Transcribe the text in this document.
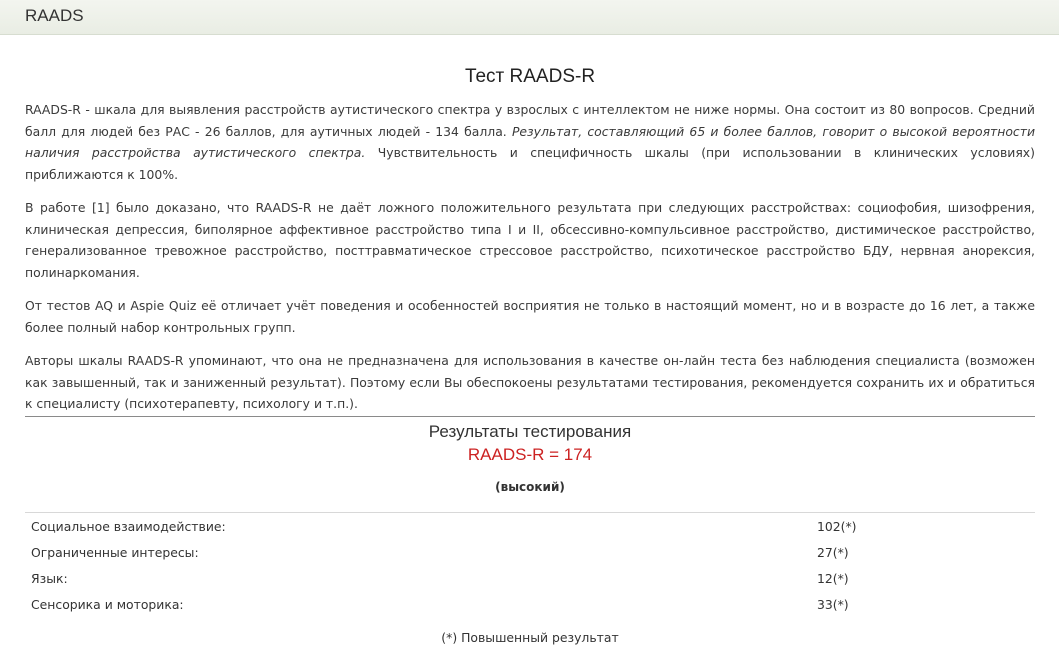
RAADS
Тест RAADS-R

RAADS-R - шкала для выявления расстройств аутистического спектра у взрослых с интеллектом не ниже нормы. Она состоит из 80 вопросов. Средний балл для людей без РАС - 26 баллов, для аутичных людей - 134 балла. Результат, составляющий 65 и более баллов, говорит о высокой вероятности наличия расстройства аутистического спектра. Чувствительность и специфичность шкалы (при использовании в клинических условиях) приближаются к 100%.

В работе [1] было доказано, что RAADS-R не даёт ложного положительного результата при следующих расстройствах: социофобия, шизофрения, клиническая депрессия, биполярное аффективное расстройство типа I и II, обсессивно-компульсивное расстройство, дистимическое расстройство, генерализованное тревожное расстройство, посттравматическое стрессовое расстройство, психотическое расстройство БДУ, нервная анорексия, полинаркомания.

От тестов AQ и Aspie Quiz её отличает учёт поведения и особенностей восприятия не только в настоящий момент, но и в возрасте до 16 лет, а также более полный набор контрольных групп.

Авторы шкалы RAADS-R упоминают, что она не предназначена для использования в качестве он-лайн теста без наблюдения специалиста (возможен как завышенный, так и заниженный результат). Поэтому если Вы обеспокоены результатами тестирования, рекомендуется сохранить их и обратиться к специалисту (психотерапевту, психологу и т.п.).

Результаты тестирования
RAADS-R = 174
(высокий)
Социальное взаимодействие:	102(*)
Ограниченные интересы:	27(*)
Язык:	12(*)
Сенсорика и моторика:	33(*)
(*) Повышенный результат
